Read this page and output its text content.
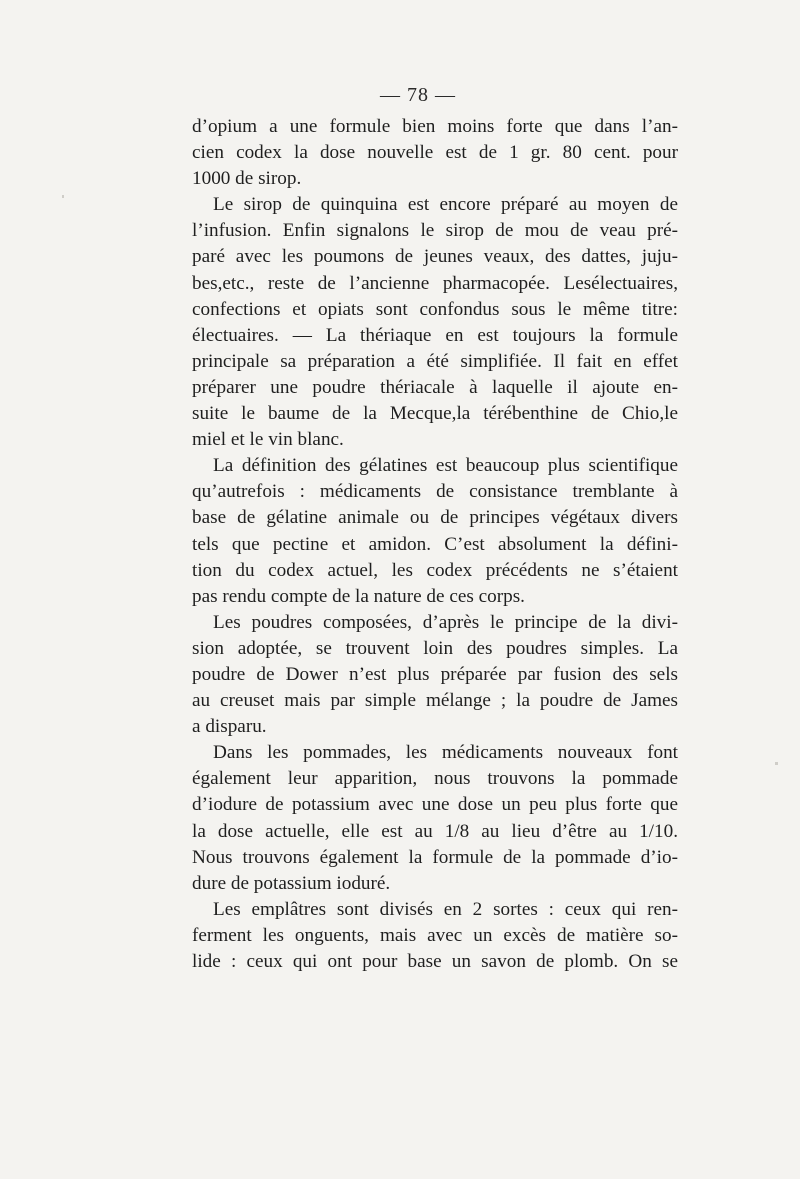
— 78 —
d’opium a une formule bien moins forte que dans l’an-
cien codex la dose nouvelle est de 1 gr. 80 cent. pour
1000 de sirop.
Le sirop de quinquina est encore préparé au moyen de
l’infusion. Enfin signalons le sirop de mou de veau pré-
paré avec les poumons de jeunes veaux, des dattes, juju-
bes,etc., reste de l’ancienne pharmacopée. Lesélectuaires,
confections et opiats sont confondus sous le même titre:
électuaires. — La thériaque en est toujours la formule
principale sa préparation a été simplifiée. Il fait en effet
préparer une poudre thériacale à laquelle il ajoute en-
suite le baume de la Mecque,la térébenthine de Chio,le
miel et le vin blanc.
La définition des gélatines est beaucoup plus scientifique
qu’autrefois : médicaments de consistance tremblante à
base de gélatine animale ou de principes végétaux divers
tels que pectine et amidon. C’est absolument la défini-
tion du codex actuel, les codex précédents ne s’étaient
pas rendu compte de la nature de ces corps.
Les poudres composées, d’après le principe de la divi-
sion adoptée, se trouvent loin des poudres simples. La
poudre de Dower n’est plus préparée par fusion des sels
au creuset mais par simple mélange ; la poudre de James
a disparu.
Dans les pommades, les médicaments nouveaux font
également leur apparition, nous trouvons la pommade
d’iodure de potassium avec une dose un peu plus forte que
la dose actuelle, elle est au 1/8 au lieu d’être au 1/10.
Nous trouvons également la formule de la pommade d’io-
dure de potassium ioduré.
Les emplâtres sont divisés en 2 sortes : ceux qui ren-
ferment les onguents, mais avec un excès de matière so-
lide : ceux qui ont pour base un savon de plomb. On se
